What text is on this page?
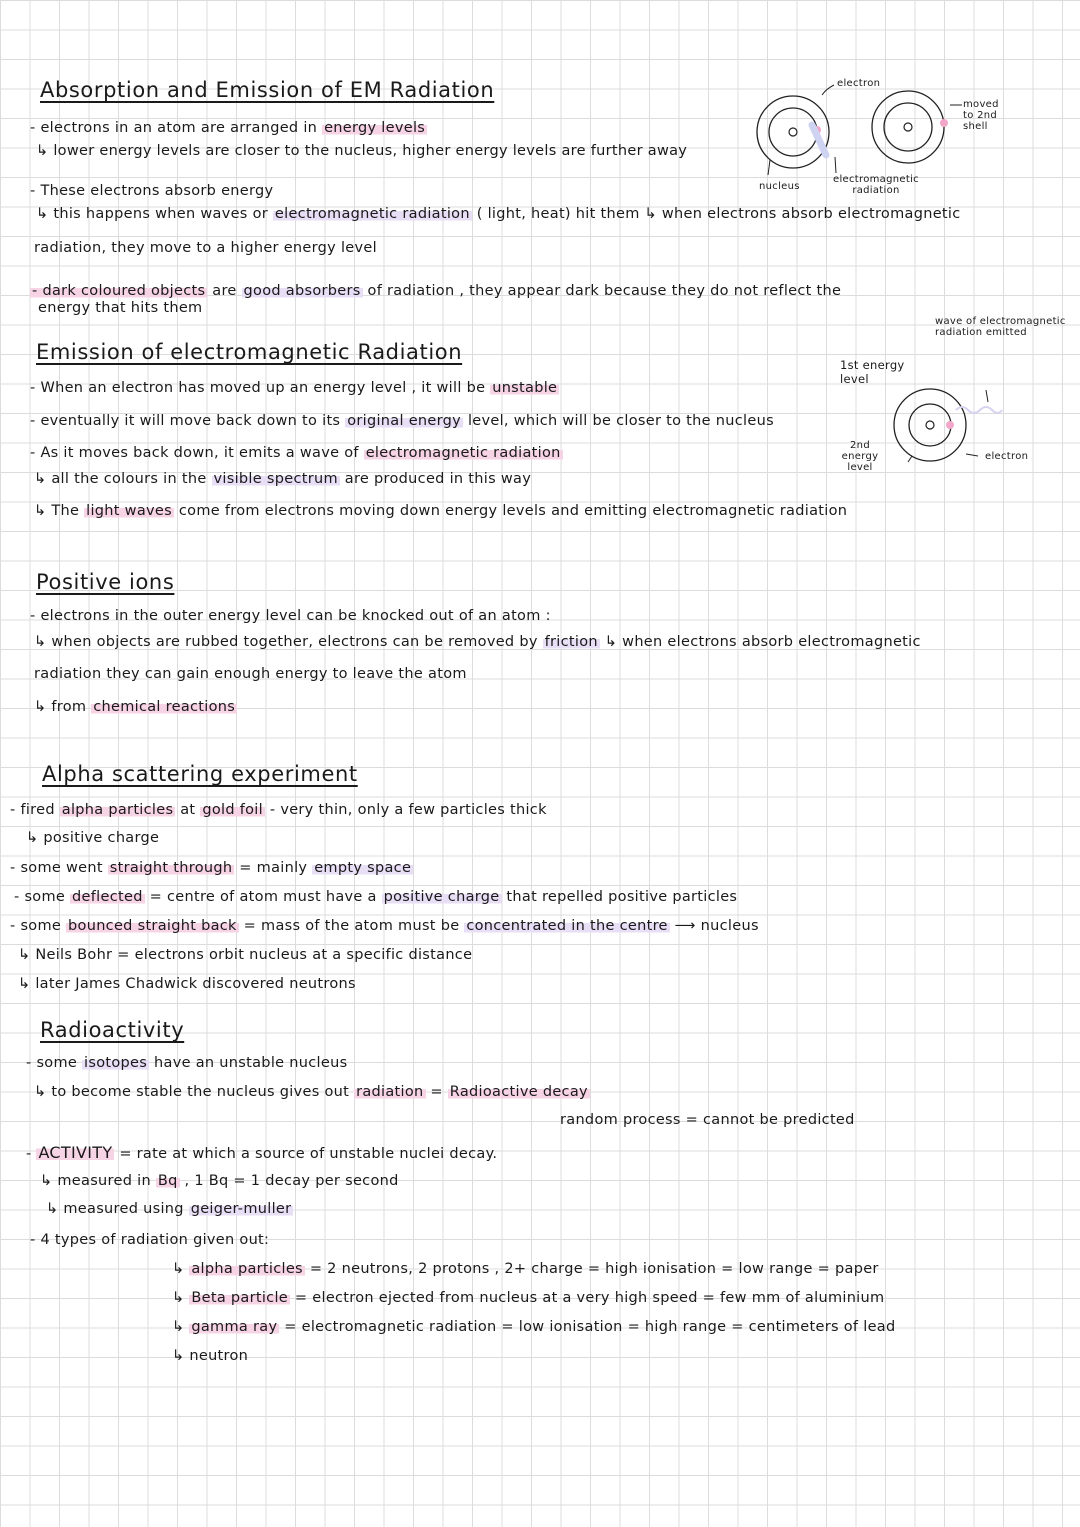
Absorption and Emission of EM Radiation
- electrons in an atom are arranged in energy levels
↳ lower energy levels are closer to the nucleus, higher energy levels are further away
- These electrons absorb energy
↳ this happens when waves or electromagnetic radiation ( light, heat) hit them ↳ when electrons absorb electromagnetic
radiation, they move to a higher energy level
- dark coloured objects are good absorbers of radiation , they appear dark because they do not reflect the
energy that hits them
electron
moved to 2nd shell
nucleus
electromagnetic radiation
Emission of electromagnetic Radiation
- When an electron has moved up an energy level , it will be unstable
- eventually it will move back down to its original energy level, which will be closer to the nucleus
- As it moves back down, it emits a wave of electromagnetic radiation
↳ all the colours in the visible spectrum are produced in this way
↳ The light waves come from electrons moving down energy levels and emitting electromagnetic radiation
wave of electromagnetic radiation emitted
1st energy level
2nd energy level
electron
Positive ions
- electrons in the outer energy level can be knocked out of an atom :
↳ when objects are rubbed together, electrons can be removed by friction ↳ when electrons absorb electromagnetic
radiation they can gain enough energy to leave the atom
↳ from chemical reactions
Alpha scattering experiment
- fired alpha particles at gold foil - very thin, only a few particles thick
↳ positive charge
- some went straight through = mainly empty space
- some deflected = centre of atom must have a positive charge that repelled positive particles
- some bounced straight back = mass of the atom must be concentrated in the centre ⟶ nucleus
↳ Neils Bohr = electrons orbit nucleus at a specific distance
↳ later James Chadwick discovered neutrons
Radioactivity
- some isotopes have an unstable nucleus
↳ to become stable the nucleus gives out radiation = Radioactive decay
random process = cannot be predicted
- ACTIVITY = rate at which a source of unstable nuclei decay.
↳ measured in Bq , 1 Bq = 1 decay per second
↳ measured using geiger-muller
- 4 types of radiation given out:
↳ alpha particles = 2 neutrons, 2 protons , 2+ charge = high ionisation = low range = paper
↳ Beta particle = electron ejected from nucleus at a very high speed = few mm of aluminium
↳ gamma ray = electromagnetic radiation = low ionisation = high range = centimeters of lead
↳ neutron
